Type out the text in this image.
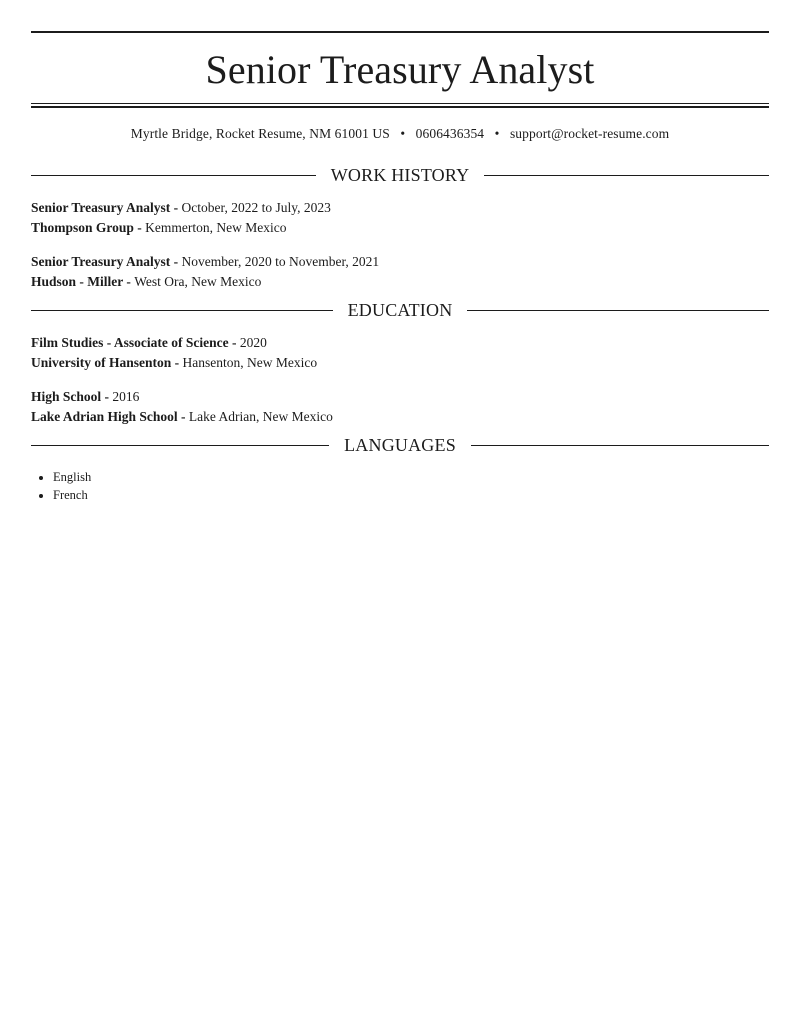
Senior Treasury Analyst
Myrtle Bridge, Rocket Resume, NM 61001 US • 0606436354 • support@rocket-resume.com
WORK HISTORY
Senior Treasury Analyst - October, 2022 to July, 2023
Thompson Group - Kemmerton, New Mexico
Senior Treasury Analyst - November, 2020 to November, 2021
Hudson - Miller - West Ora, New Mexico
EDUCATION
Film Studies - Associate of Science - 2020
University of Hansenton - Hansenton, New Mexico
High School - 2016
Lake Adrian High School - Lake Adrian, New Mexico
LANGUAGES
• English
• French
